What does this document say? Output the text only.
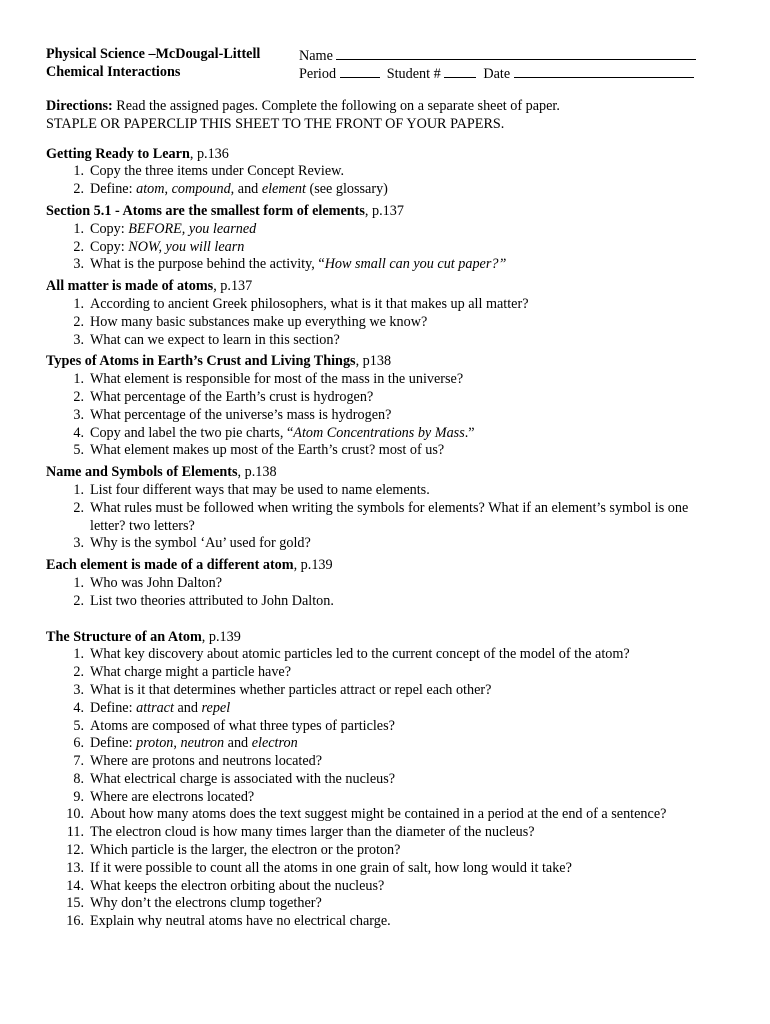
Physical Science –McDougal-Littell	Name
Chemical Interactions	Period	Student #	Date
Directions: Read the assigned pages. Complete the following on a separate sheet of paper.
STAPLE OR PAPERCLIP THIS SHEET TO THE FRONT OF YOUR PAPERS.
Getting Ready to Learn, p.136
1. Copy the three items under Concept Review.
2. Define: atom, compound, and element (see glossary)
Section 5.1 - Atoms are the smallest form of elements, p.137
1. Copy: BEFORE, you learned
2. Copy: NOW, you will learn
3. What is the purpose behind the activity, “How small can you cut paper?”
All matter is made of atoms, p.137
1. According to ancient Greek philosophers, what is it that makes up all matter?
2. How many basic substances make up everything we know?
3. What can we expect to learn in this section?
Types of Atoms in Earth’s Crust and Living Things, p138
1. What element is responsible for most of the mass in the universe?
2. What percentage of the Earth’s crust is hydrogen?
3. What percentage of the universe’s mass is hydrogen?
4. Copy and label the two pie charts, “Atom Concentrations by Mass.”
5. What element makes up most of the Earth’s crust? most of us?
Name and Symbols of Elements, p.138
1. List four different ways that may be used to name elements.
2. What rules must be followed when writing the symbols for elements? What if an element’s symbol is one letter? two letters?
3. Why is the symbol ‘Au’ used for gold?
Each element is made of a different atom, p.139
1. Who was John Dalton?
2. List two theories attributed to John Dalton.
The Structure of an Atom, p.139
1. What key discovery about atomic particles led to the current concept of the model of the atom?
2. What charge might a particle have?
3. What is it that determines whether particles attract or repel each other?
4. Define: attract and repel
5. Atoms are composed of what three types of particles?
6. Define: proton, neutron and electron
7. Where are protons and neutrons located?
8. What electrical charge is associated with the nucleus?
9. Where are electrons located?
10. About how many atoms does the text suggest might be contained in a period at the end of a sentence?
11. The electron cloud is how many times larger than the diameter of the nucleus?
12. Which particle is the larger, the electron or the proton?
13. If it were possible to count all the atoms in one grain of salt, how long would it take?
14. What keeps the electron orbiting about the nucleus?
15. Why don’t the electrons clump together?
16. Explain why neutral atoms have no electrical charge.
